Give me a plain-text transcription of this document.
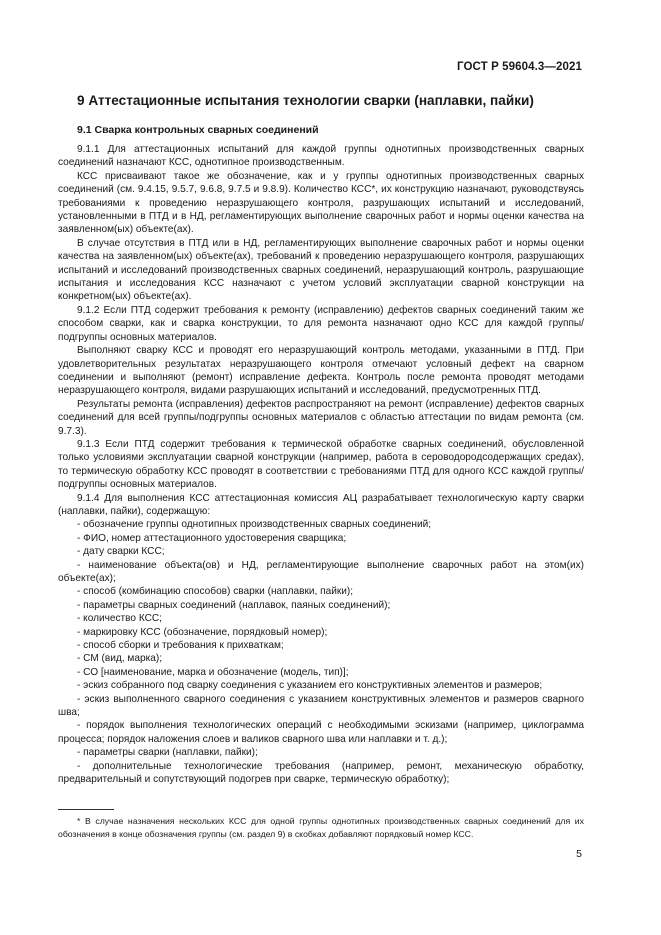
ГОСТ Р 59604.3—2021
9 Аттестационные испытания технологии сварки (наплавки, пайки)
9.1 Сварка контрольных сварных соединений

9.1.1 Для аттестационных испытаний для каждой группы однотипных производственных сварных соединений назначают КСС, однотипное производственным.

КСС присваивают такое же обозначение, как и у группы однотипных производственных сварных соединений (см. 9.4.15, 9.5.7, 9.6.8, 9.7.5 и 9.8.9). Количество КСС*, их конструкцию назначают, руководствуясь требованиями к проведению неразрушающего контроля, разрушающих испытаний и исследований, установленными в ПТД и в НД, регламентирующих выполнение сварочных работ и нормы оценки качества на заявленном(ых) объекте(ах).

В случае отсутствия в ПТД или в НД, регламентирующих выполнение сварочных работ и нормы оценки качества на заявленном(ых) объекте(ах), требований к проведению неразрушающего контроля, разрушающих испытаний и исследований производственных сварных соединений, неразрушающий контроль, разрушающие испытания и исследования КСС назначают с учетом условий эксплуатации сварной конструкции на конкретном(ых) объекте(ах).

9.1.2 Если ПТД содержит требования к ремонту (исправлению) дефектов сварных соединений таким же способом сварки, как и сварка конструкции, то для ремонта назначают одно КСС для каждой группы/подгруппы основных материалов.

Выполняют сварку КСС и проводят его неразрушающий контроль методами, указанными в ПТД. При удовлетворительных результатах неразрушающего контроля отмечают условный дефект на сварном соединении и выполняют (ремонт) исправление дефекта. Контроль после ремонта проводят методами неразрушающего контроля, видами разрушающих испытаний и исследований, предусмотренных ПТД.

Результаты ремонта (исправления) дефектов распространяют на ремонт (исправление) дефектов сварных соединений для всей группы/подгруппы основных материалов с областью аттестации по видам ремонта (см. 9.7.3).

9.1.3 Если ПТД содержит требования к термической обработке сварных соединений, обусловленной только условиями эксплуатации сварной конструкции (например, работа в сероводородсодержащих средах), то термическую обработку КСС проводят в соответствии с требованиями ПТД для одного КСС каждой группы/подгруппы основных материалов.

9.1.4 Для выполнения КСС аттестационная комиссия АЦ разрабатывает технологическую карту сварки (наплавки, пайки), содержащую:

- обозначение группы однотипных производственных сварных соединений;

- ФИО, номер аттестационного удостоверения сварщика;

- дату сварки КСС;

- наименование объекта(ов) и НД, регламентирующие выполнение сварочных работ на этом(их) объекте(ах);

- способ (комбинацию способов) сварки (наплавки, пайки);

- параметры сварных соединений (наплавок, паяных соединений);

- количество КСС;

- маркировку КСС (обозначение, порядковый номер);

- способ сборки и требования к прихваткам;

- СМ (вид, марка);

- СО [наименование, марка и обозначение (модель, тип)];

- эскиз собранного под сварку соединения с указанием его конструктивных элементов и размеров;

- эскиз выполненного сварного соединения с указанием конструктивных элементов и размеров сварного шва;

- порядок выполнения технологических операций с необходимыми эскизами (например, циклограмма процесса; порядок наложения слоев и валиков сварного шва или наплавки и т. д.);

- параметры сварки (наплавки, пайки);

- дополнительные технологические требования (например, ремонт, механическую обработку, предварительный и сопутствующий подогрев при сварке, термическую обработку);

* В случае назначения нескольких КСС для одной группы однотипных производственных сварных соединений для их обозначения в конце обозначения группы (см. раздел 9) в скобках добавляют порядковый номер КСС.
5
